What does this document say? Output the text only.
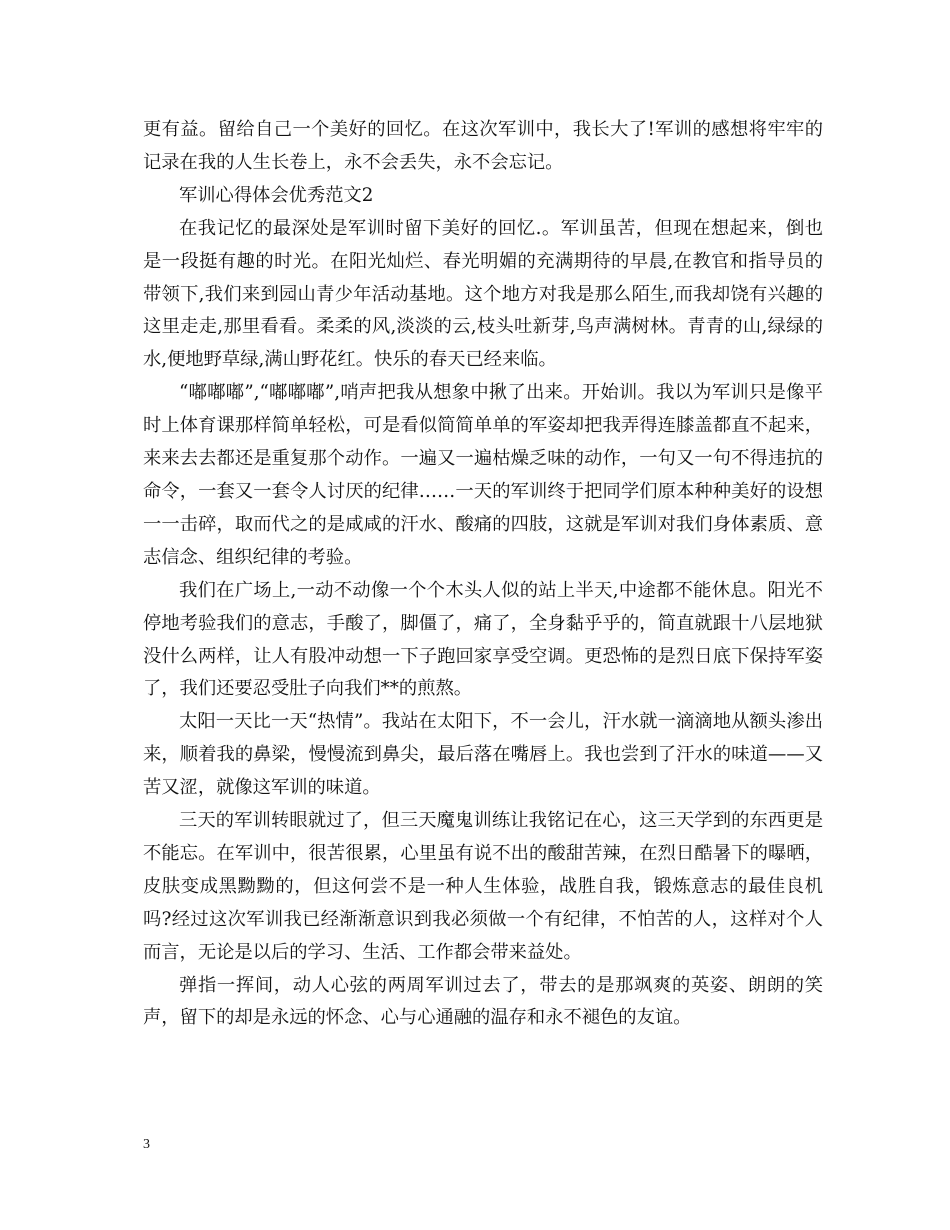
更有益。留给自己一个美好的回忆。在这次军训中，我长大了!军训的感想将牢牢的记录在我的人生长卷上，永不会丢失，永不会忘记。

军训心得体会优秀范文2

在我记忆的最深处是军训时留下美好的回忆.。军训虽苦，但现在想起来，倒也是一段挺有趣的时光。在阳光灿烂、春光明媚的充满期待的早晨,在教官和指导员的带领下,我们来到园山青少年活动基地。这个地方对我是那么陌生,而我却饶有兴趣的这里走走,那里看看。柔柔的风,淡淡的云,枝头吐新芽,鸟声满树林。青青的山,绿绿的水,便地野草绿,满山野花红。快乐的春天已经来临。

“嘟嘟嘟”,“嘟嘟嘟”,哨声把我从想象中揪了出来。开始训。我以为军训只是像平时上体育课那样简单轻松，可是看似简简单单的军姿却把我弄得连膝盖都直不起来，来来去去都还是重复那个动作。一遍又一遍枯燥乏味的动作，一句又一句不得违抗的命令，一套又一套令人讨厌的纪律……一天的军训终于把同学们原本种种美好的设想一一击碎，取而代之的是咸咸的汗水、酸痛的四肢，这就是军训对我们身体素质、意志信念、组织纪律的考验。

我们在广场上,一动不动像一个个木头人似的站上半天,中途都不能休息。阳光不停地考验我们的意志，手酸了，脚僵了，痛了，全身黏乎乎的，简直就跟十八层地狱没什么两样，让人有股冲动想一下子跑回家享受空调。更恐怖的是烈日底下保持军姿了，我们还要忍受肚子向我们**的煎熬。

太阳一天比一天“热情”。我站在太阳下，不一会儿，汗水就一滴滴地从额头渗出来，顺着我的鼻梁，慢慢流到鼻尖，最后落在嘴唇上。我也尝到了汗水的味道——又苦又涩，就像这军训的味道。

三天的军训转眼就过了，但三天魔鬼训练让我铭记在心，这三天学到的东西更是不能忘。在军训中，很苦很累，心里虽有说不出的酸甜苦辣，在烈日酷暑下的曝晒，皮肤变成黑黝黝的，但这何尝不是一种人生体验，战胜自我，锻炼意志的最佳良机吗?经过这次军训我已经渐渐意识到我必须做一个有纪律，不怕苦的人，这样对个人而言，无论是以后的学习、生活、工作都会带来益处。

弹指一挥间，动人心弦的两周军训过去了，带去的是那飒爽的英姿、朗朗的笑声，留下的却是永远的怀念、心与心通融的温存和永不褪色的友谊。

3
